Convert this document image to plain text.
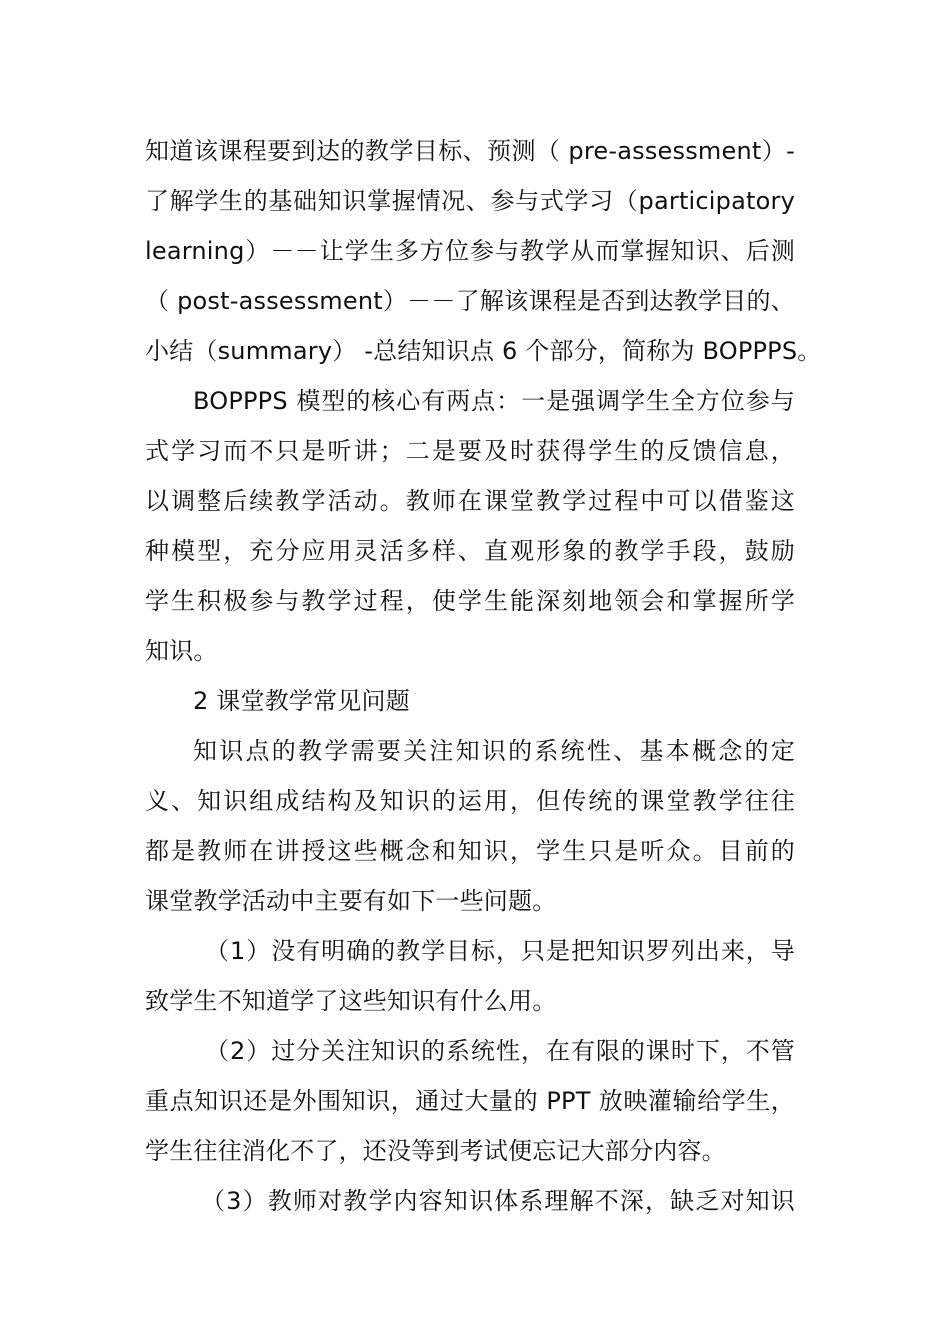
知道该课程要到达的教学目标、预测（ pre-assessment）-
了解学生的基础知识掌握情况、参与式学习（participatory
learning）－－让学生多方位参与教学从而掌握知识、后测
（ post-assessment）－－了解该课程是否到达教学目的、
小结（summary） -总结知识点 6 个部分，简称为 BOPPPS。
BOPPPS 模型的核心有两点：一是强调学生全方位参与
式学习而不只是听讲；二是要及时获得学生的反馈信息，
以调整后续教学活动。教师在课堂教学过程中可以借鉴这
种模型，充分应用灵活多样、直观形象的教学手段，鼓励
学生积极参与教学过程，使学生能深刻地领会和掌握所学
知识。
2 课堂教学常见问题
知识点的教学需要关注知识的系统性、基本概念的定
义、知识组成结构及知识的运用，但传统的课堂教学往往
都是教师在讲授这些概念和知识，学生只是听众。目前的
课堂教学活动中主要有如下一些问题。
（1）没有明确的教学目标，只是把知识罗列出来，导
致学生不知道学了这些知识有什么用。
（2）过分关注知识的系统性，在有限的课时下，不管
重点知识还是外围知识，通过大量的 PPT 放映灌输给学生，
学生往往消化不了，还没等到考试便忘记大部分内容。
（3）教师对教学内容知识体系理解不深，缺乏对知识
